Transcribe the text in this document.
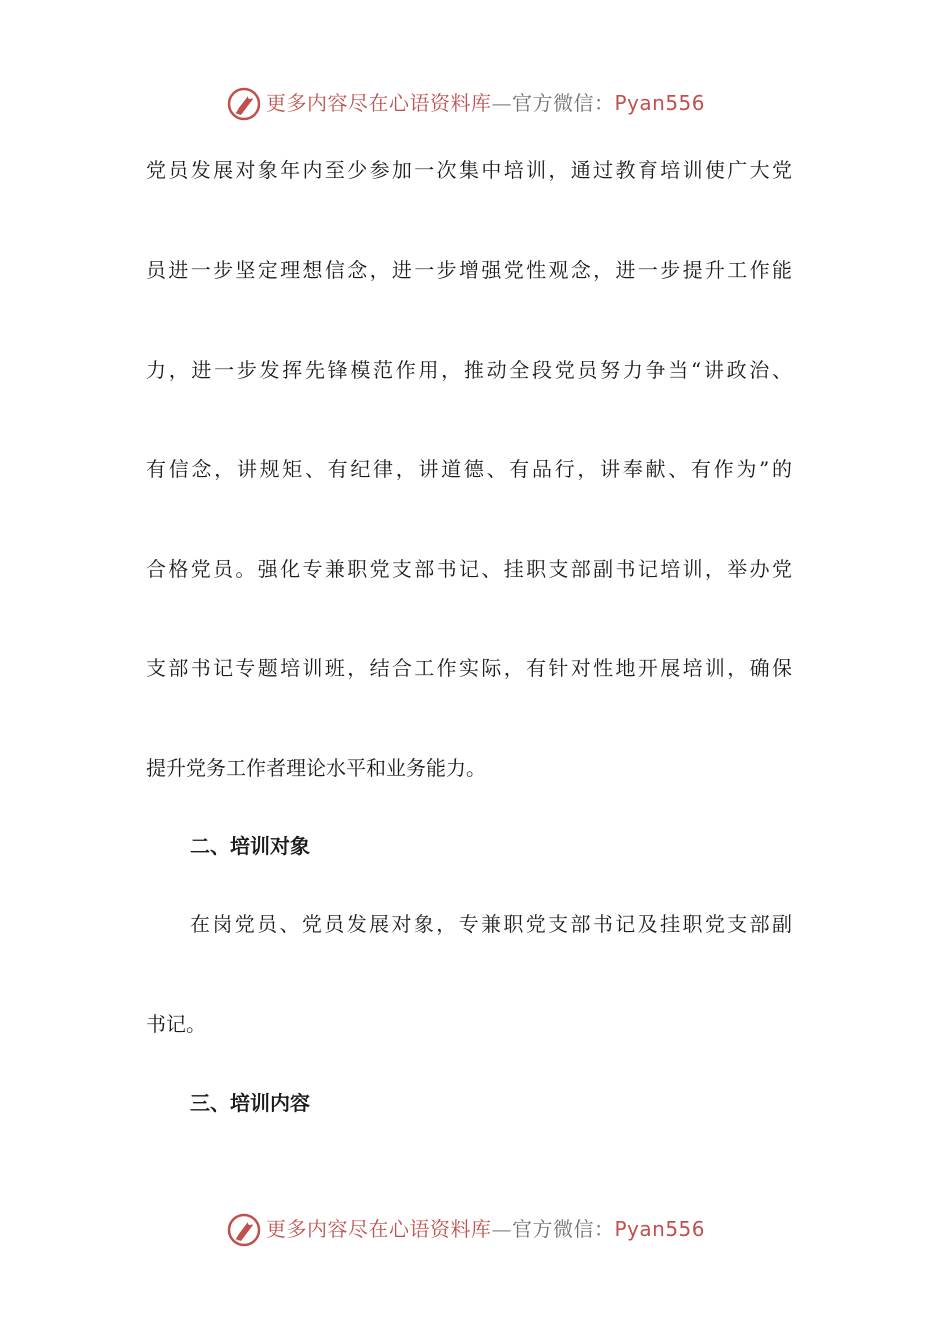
更多内容尽在心语资料库—官方微信：Pyan556
党员发展对象年内至少参加一次集中培训，通过教育培训使广大党
员进一步坚定理想信念，进一步增强党性观念，进一步提升工作能
力，进一步发挥先锋模范作用，推动全段党员努力争当“讲政治、
有信念，讲规矩、有纪律，讲道德、有品行，讲奉献、有作为”的
合格党员。强化专兼职党支部书记、挂职支部副书记培训，举办党
支部书记专题培训班，结合工作实际，有针对性地开展培训，确保
提升党务工作者理论水平和业务能力。
二、培训对象
在岗党员、党员发展对象，专兼职党支部书记及挂职党支部副
书记。
三、培训内容
更多内容尽在心语资料库—官方微信：Pyan556
